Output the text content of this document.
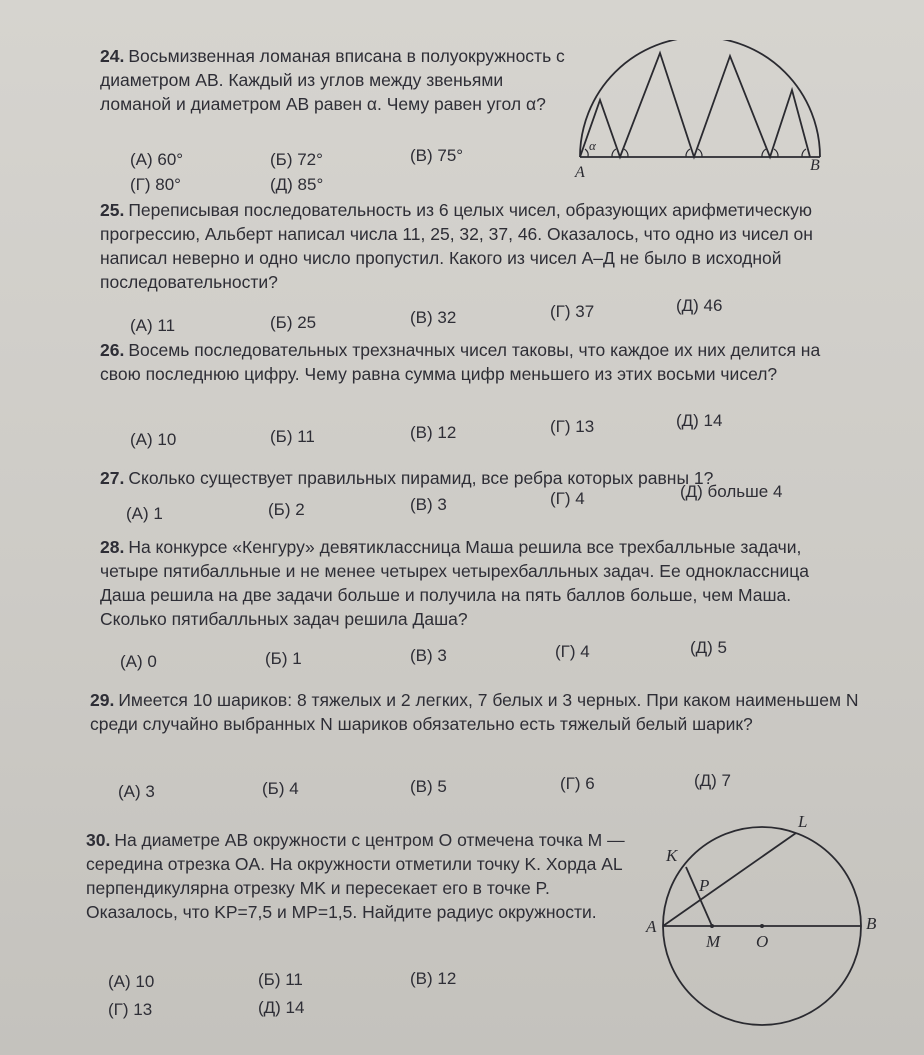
24. Восьмизвенная ломаная вписана в полуокружность с диаметром AB. Каждый из углов между звеньями ломаной и диаметром AB равен α. Чему равен угол α?

(А) 60°	(Б) 72°	(В) 75°
(Г) 80°	(Д) 85°
α
A	B

25. Переписывая последовательность из 6 целых чисел, образующих арифметическую прогрессию, Альберт написал числа 11, 25, 32, 37, 46. Оказалось, что одно из чисел он написал неверно и одно число пропустил. Какого из чисел А–Д не было в исходной последовательности?

(А) 11	(Б) 25	(В) 32	(Г) 37	(Д) 46

26. Восемь последовательных трехзначных чисел таковы, что каждое их них делится на свою последнюю цифру. Чему равна сумма цифр меньшего из этих восьми чисел?

(А) 10	(Б) 11	(В) 12	(Г) 13	(Д) 14

27. Сколько существует правильных пирамид, все ребра которых равны 1?

(А) 1	(Б) 2	(В) 3	(Г) 4	(Д) больше 4

28. На конкурсе «Кенгуру» девятиклассница Маша решила все трехбалльные задачи, четыре пятибалльные и не менее четырех четырехбалльных задач. Ее одноклассница Даша решила на две задачи больше и получила на пять баллов больше, чем Маша. Сколько пятибалльных задач решила Даша?

(А) 0	(Б) 1	(В) 3	(Г) 4	(Д) 5

29. Имеется 10 шариков: 8 тяжелых и 2 легких, 7 белых и 3 черных. При каком наименьшем N среди случайно выбранных N шариков обязательно есть тяжелый белый шарик?

(А) 3	(Б) 4	(В) 5	(Г) 6	(Д) 7

30. На диаметре AB окружности с центром O отмечена точка M — середина отрезка OA. На окружности отметили точку K. Хорда AL перпендикулярна отрезку MK и пересекает его в точке P. Оказалось, что KP=7,5 и MP=1,5. Найдите радиус окружности.

(А) 10	(Б) 11	(В) 12
(Г) 13	(Д) 14
A	B
K
L
P
M O
